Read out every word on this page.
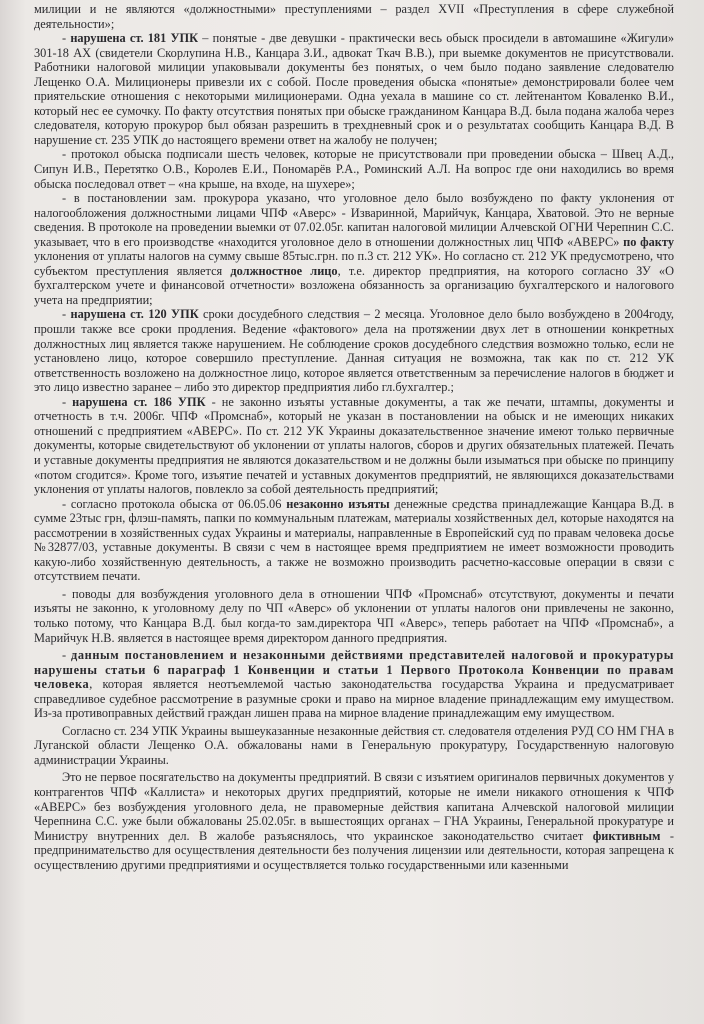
милиции и не являются «должностными» преступлениями – раздел XVII «Преступления в сфере служебной деятельности»;

- нарушена ст. 181 УПК – понятые - две девушки - практически весь обыск просидели в автомашине «Жигули» 301-18 АХ (свидетели Скорлупина Н.В., Канцара З.И., адвокат Ткач В.В.), при выемке документов не присутствовали. Работники налоговой милиции упаковывали документы без понятых, о чем было подано заявление следователю Лещенко О.А. Милиционеры привезли их с собой. После проведения обыска «понятые» демонстрировали более чем приятельские отношения с некоторыми милиционерами. Одна уехала в машине со ст. лейтенантом Коваленко В.И., который нес ее сумочку. По факту отсутствия понятых при обыске гражданином Канцара В.Д. была подана жалоба через следователя, которую прокурор был обязан разрешить в трехдневный срок и о результатах сообщить Канцара В.Д. В нарушение ст. 235 УПК до настоящего времени ответ на жалобу не получен;

- протокол обыска подписали шесть человек, которые не присутствовали при проведении обыска – Швец А.Д., Сипун И.В., Перетятко О.В., Королев Е.И., Пономарёв Р.А., Роминский А.Л. На вопрос где они находились во время обыска последовал ответ – «на крыше, на входе, на шухере»;

- в постановлении зам. прокурора указано, что уголовное дело было возбуждено по факту уклонения от налогообложения должностными лицами ЧПФ «Аверс» - Изваринной, Марийчук, Канцара, Хватовой. Это не верные сведения. В протоколе на проведении выемки от 07.02.05г. капитан налоговой милиции Алчевской ОГНИ Черепнин С.С. указывает, что в его производстве «находится уголовное дело в отношении должностных лиц ЧПФ «АВЕРС» по факту уклонения от уплаты налогов на сумму свыше 85тыс.грн. по п.3 ст. 212 УК». Но согласно ст. 212 УК предусмотрено, что субъектом преступления является должностное лицо, т.е. директор предприятия, на которого согласно ЗУ «О бухгалтерском учете и финансовой отчетности» возложена обязанность за организацию бухгалтерского и налогового учета на предприятии;

- нарушена ст. 120 УПК сроки досудебного следствия – 2 месяца. Уголовное дело было возбуждено в 2004году, прошли также все сроки продления. Ведение «фактового» дела на протяжении двух лет в отношении конкретных должностных лиц является также нарушением. Не соблюдение сроков досудебного следствия возможно только, если не установлено лицо, которое совершило преступление. Данная ситуация не возможна, так как по ст. 212 УК ответственность возложено на должностное лицо, которое является ответственным за перечисление налогов в бюджет и это лицо известно заранее – либо это директор предприятия либо гл.бухгалтер.;

- нарушена ст. 186 УПК - не законно изъяты уставные документы, а так же печати, штампы, документы и отчетность в т.ч. 2006г. ЧПФ «Промснаб», который не указан в постановлении на обыск и не имеющих никаких отношений с предприятием «АВЕРС». По ст. 212 УК Украины доказательственное значение имеют только первичные документы, которые свидетельствуют об уклонении от уплаты налогов, сборов и других обязательных платежей. Печать и уставные документы предприятия не являются доказательством и не должны были изыматься при обыске по принципу «потом сгодится». Кроме того, изъятие печатей и уставных документов предприятий, не являющихся доказательствами уклонения от уплаты налогов, повлекло за собой деятельность предприятий;

- согласно протокола обыска от 06.05.06 незаконно изъяты денежные средства принадлежащие Канцара В.Д. в сумме 23тыс грн, флэш-память, папки по коммунальным платежам, материалы хозяйственных дел, которые находятся на рассмотрении в хозяйственных судах Украины и материалы, направленные в Европейский суд по правам человека досье №32877/03, уставные документы. В связи с чем в настоящее время предприятием не имеет возможности проводить какую-либо хозяйственную деятельность, а также не возможно производить расчетно-кассовые операции в связи с отсутствием печати.

- поводы для возбуждения уголовного дела в отношении ЧПФ «Промснаб» отсутствуют, документы и печати изъяты не законно, к уголовному делу по ЧП «Аверс» об уклонении от уплаты налогов они привлечены не законно, только потому, что Канцара В.Д. был когда-то зам.директора ЧП «Аверс», теперь работает на ЧПФ «Промснаб», а Марийчук Н.В. является в настоящее время директором данного предприятия.

- данным постановлением и незаконными действиями представителей налоговой и прокуратуры нарушены статьи 6 параграф 1 Конвенции и статьи 1 Первого Протокола Конвенции по правам человека, которая является неотъемлемой частью законодательства государства Украина и предусматривает справедливое судебное рассмотрение в разумные сроки и право на мирное владение принадлежащим ему имуществом. Из-за противоправных действий граждан лишен права на мирное владение принадлежащим ему имуществом.

Согласно ст. 234 УПК Украины вышеуказанные незаконные действия ст. следователя отделения РУД СО НМ ГНА в Луганской области Лещенко О.А. обжалованы нами в Генеральную прокуратуру, Государственную налоговую администрации Украины.

Это не первое посягательство на документы предприятий. В связи с изъятием оригиналов первичных документов у контрагентов ЧПФ «Каллиста» и некоторых других предприятий, которые не имели никакого отношения к ЧПФ «АВЕРС» без возбуждения уголовного дела, не правомерные действия капитана Алчевской налоговой милиции Черепнина С.С. уже были обжалованы 25.02.05г. в вышестоящих органах – ГНА Украины, Генеральной прокуратуре и Министру внутренних дел. В жалобе разъяснялось, что украинское законодательство считает фиктивным - предпринимательство для осуществления деятельности без получения лицензии или деятельности, которая запрещена к осуществлению другими предприятиями и осуществляется только государственными или казенными
